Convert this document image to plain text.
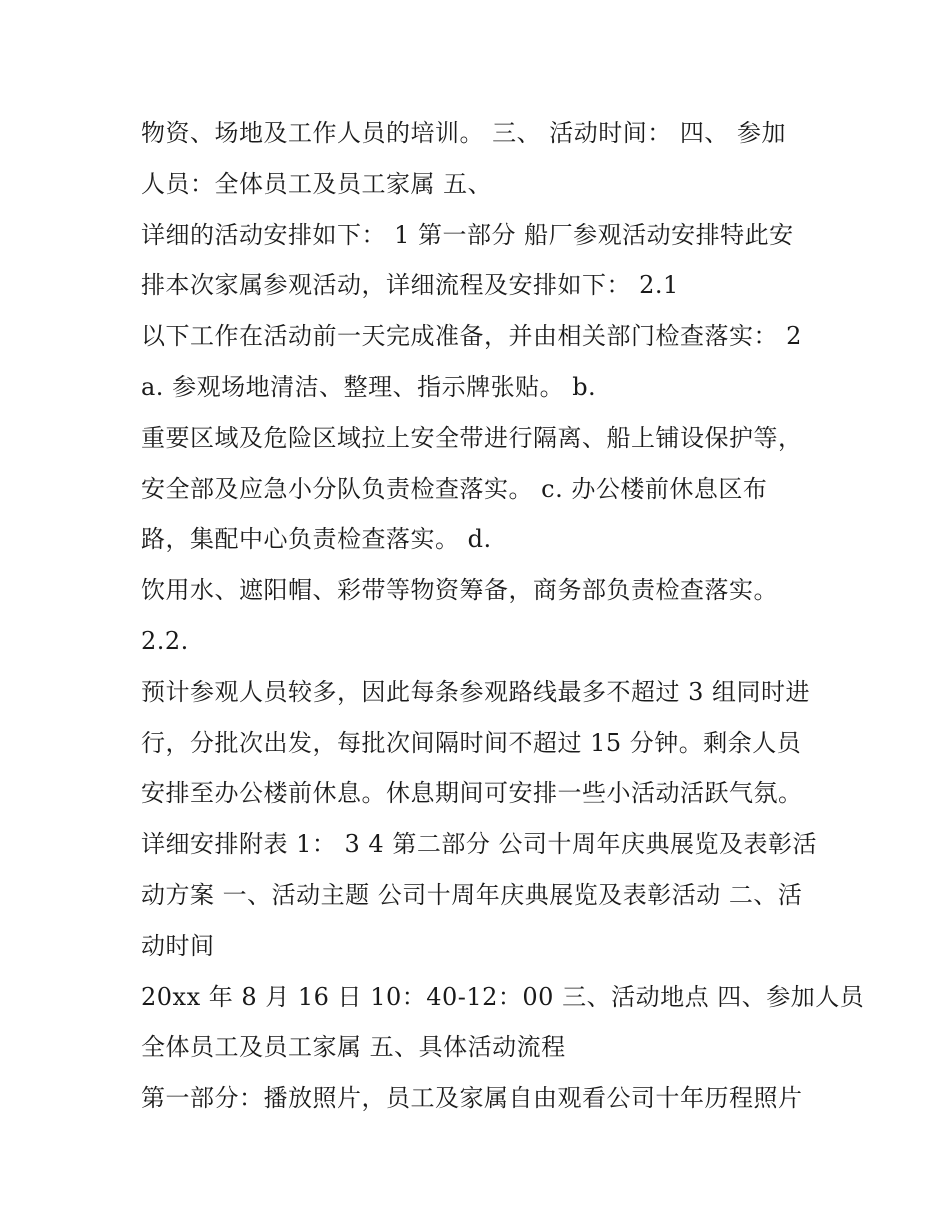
物资、场地及工作人员的培训。 三、 活动时间： 四、 参加
人员：全体员工及员工家属 五、
详细的活动安排如下： 1 第一部分 船厂参观活动安排特此安
排本次家属参观活动，详细流程及安排如下： 2.1
以下工作在活动前一天完成准备，并由相关部门检查落实： 2
a. 参观场地清洁、整理、指示牌张贴。 b.
重要区域及危险区域拉上安全带进行隔离、船上铺设保护等，
安全部及应急小分队负责检查落实。 c. 办公楼前休息区布
路，集配中心负责检查落实。 d.
饮用水、遮阳帽、彩带等物资筹备，商务部负责检查落实。
2.2.
预计参观人员较多，因此每条参观路线最多不超过 3 组同时进
行，分批次出发，每批次间隔时间不超过 15 分钟。剩余人员
安排至办公楼前休息。休息期间可安排一些小活动活跃气氛。
详细安排附表 1： 3 4 第二部分 公司十周年庆典展览及表彰活
动方案 一、活动主题 公司十周年庆典展览及表彰活动 二、活
动时间
20xx 年 8 月 16 日 10：40-12：00 三、活动地点 四、参加人员
全体员工及员工家属 五、具体活动流程
第一部分：播放照片，员工及家属自由观看公司十年历程照片
